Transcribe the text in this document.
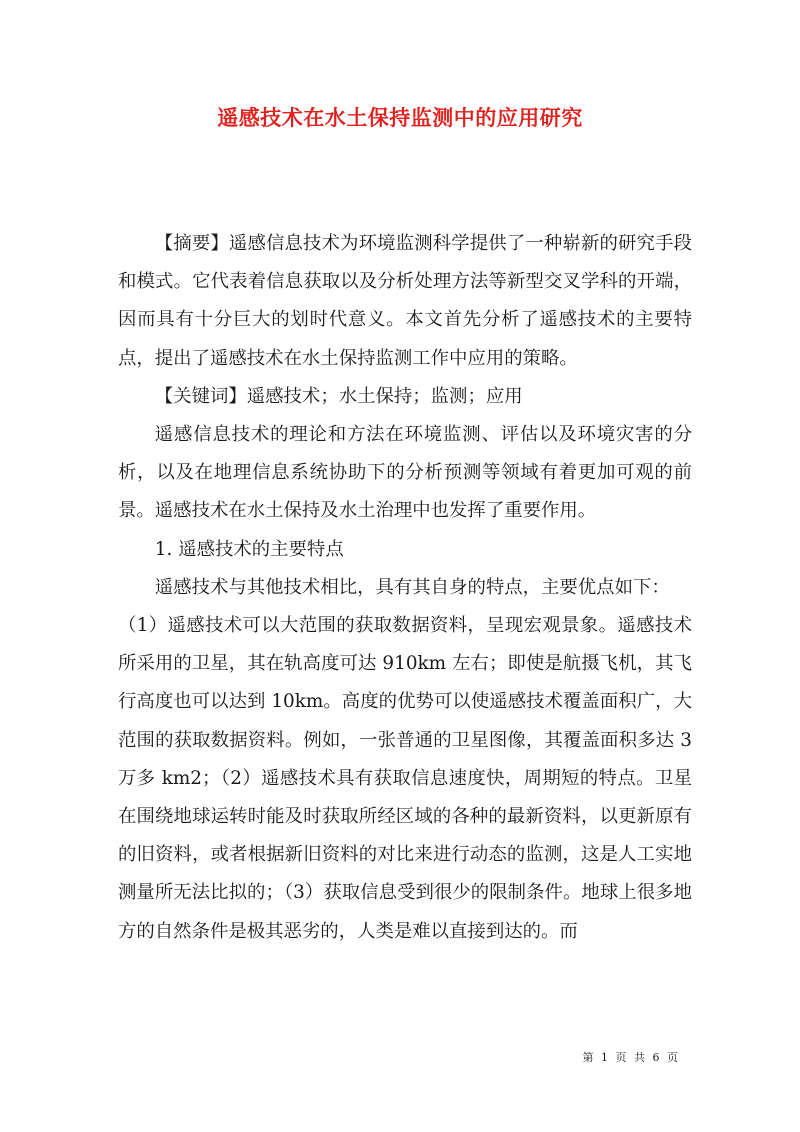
遥感技术在水土保持监测中的应用研究

【摘要】遥感信息技术为环境监测科学提供了一种崭新的研究手段和模式。它代表着信息获取以及分析处理方法等新型交叉学科的开端，因而具有十分巨大的划时代意义。本文首先分析了遥感技术的主要特点，提出了遥感技术在水土保持监测工作中应用的策略。

【关键词】遥感技术；水土保持；监测；应用

遥感信息技术的理论和方法在环境监测、评估以及环境灾害的分析，以及在地理信息系统协助下的分析预测等领域有着更加可观的前景。遥感技术在水土保持及水土治理中也发挥了重要作用。

1. 遥感技术的主要特点

遥感技术与其他技术相比，具有其自身的特点，主要优点如下：

（1）遥感技术可以大范围的获取数据资料，呈现宏观景象。遥感技术所采用的卫星，其在轨高度可达 910km 左右；即使是航摄飞机，其飞行高度也可以达到 10km。高度的优势可以使遥感技术覆盖面积广，大范围的获取数据资料。例如，一张普通的卫星图像，其覆盖面积多达 3 万多 km2；（2）遥感技术具有获取信息速度快，周期短的特点。卫星在围绕地球运转时能及时获取所经区域的各种的最新资料，以更新原有的旧资料，或者根据新旧资料的对比来进行动态的监测，这是人工实地测量所无法比拟的；（3）获取信息受到很少的限制条件。地球上很多地方的自然条件是极其恶劣的，人类是难以直接到达的。而

第 1 页 共 6 页
